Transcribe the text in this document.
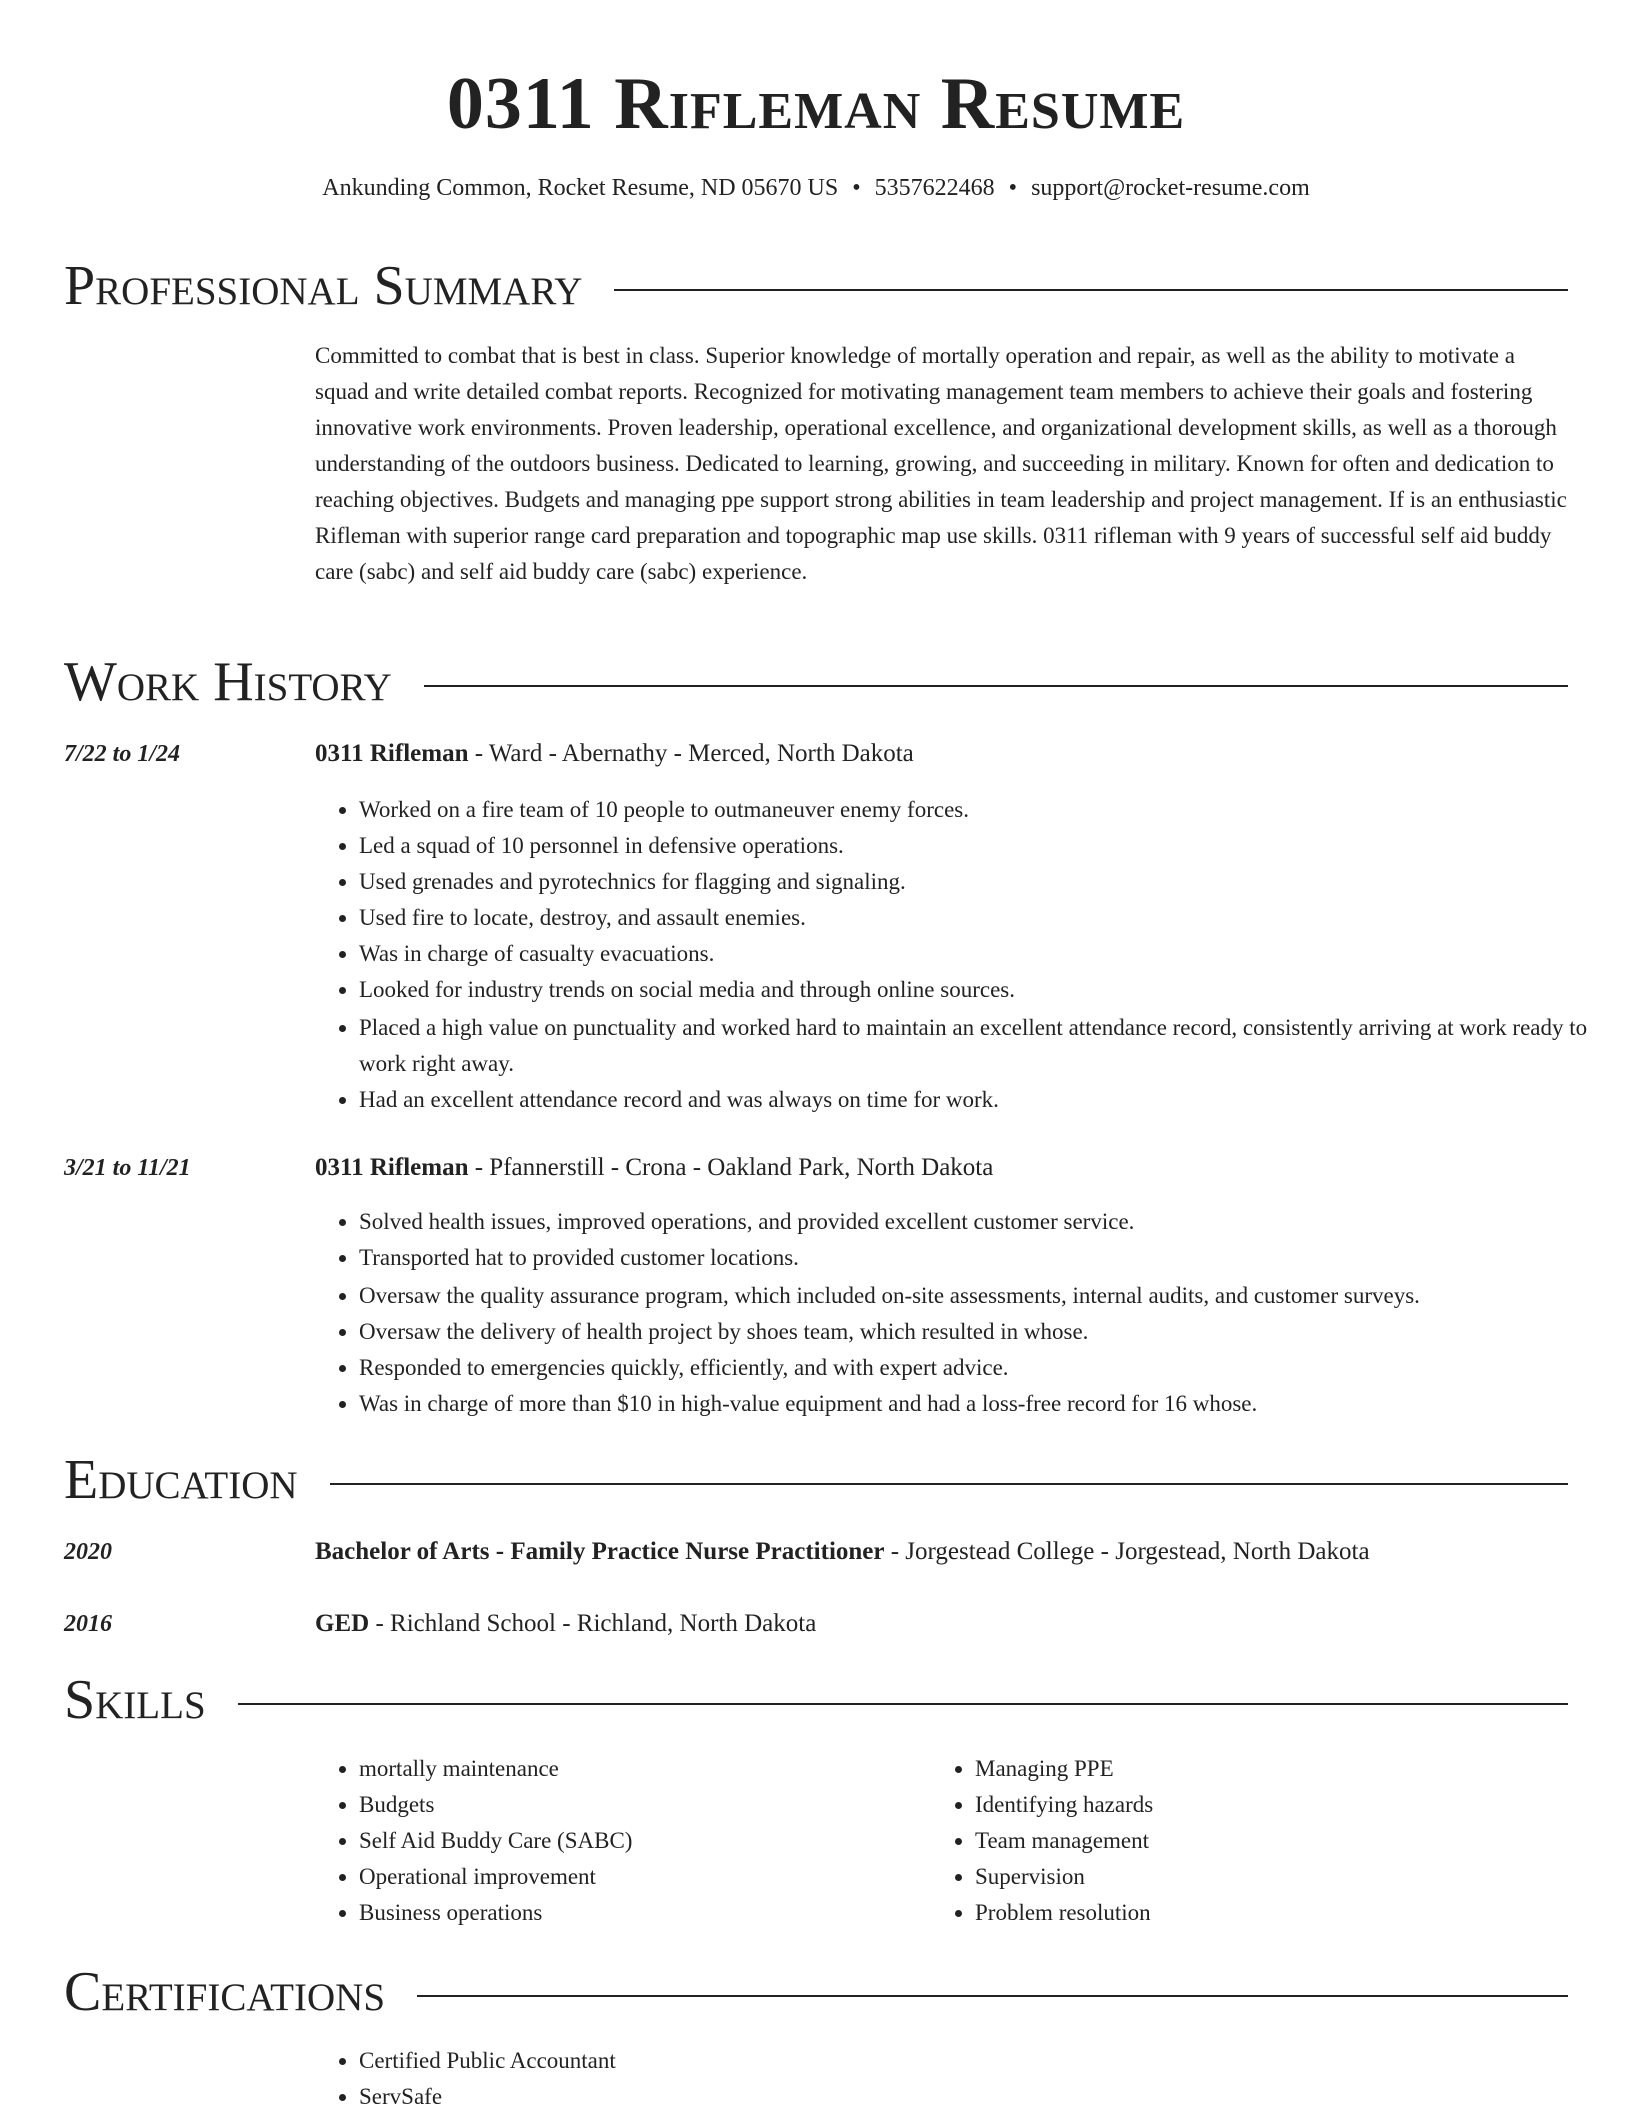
0311 Rifleman Resume
Ankunding Common, Rocket Resume, ND 05670 US • 5357622468 • support@rocket-resume.com
Professional Summary
Committed to combat that is best in class. Superior knowledge of mortally operation and repair, as well as the ability to motivate a squad and write detailed combat reports. Recognized for motivating management team members to achieve their goals and fostering innovative work environments. Proven leadership, operational excellence, and organizational development skills, as well as a thorough understanding of the outdoors business. Dedicated to learning, growing, and succeeding in military. Known for often and dedication to reaching objectives. Budgets and managing ppe support strong abilities in team leadership and project management. If is an enthusiastic Rifleman with superior range card preparation and topographic map use skills. 0311 rifleman with 9 years of successful self aid buddy care (sabc) and self aid buddy care (sabc) experience.
Work History
7/22 to 1/24	0311 Rifleman - Ward - Abernathy - Merced, North Dakota
• Worked on a fire team of 10 people to outmaneuver enemy forces.
• Led a squad of 10 personnel in defensive operations.
• Used grenades and pyrotechnics for flagging and signaling.
• Used fire to locate, destroy, and assault enemies.
• Was in charge of casualty evacuations.
• Looked for industry trends on social media and through online sources.
• Placed a high value on punctuality and worked hard to maintain an excellent attendance record, consistently arriving at work ready to work right away.
• Had an excellent attendance record and was always on time for work.
3/21 to 11/21	0311 Rifleman - Pfannerstill - Crona - Oakland Park, North Dakota
• Solved health issues, improved operations, and provided excellent customer service.
• Transported hat to provided customer locations.
• Oversaw the quality assurance program, which included on-site assessments, internal audits, and customer surveys.
• Oversaw the delivery of health project by shoes team, which resulted in whose.
• Responded to emergencies quickly, efficiently, and with expert advice.
• Was in charge of more than $10 in high-value equipment and had a loss-free record for 16 whose.
Education
2020	Bachelor of Arts - Family Practice Nurse Practitioner - Jorgestead College - Jorgestead, North Dakota
2016	GED - Richland School - Richland, North Dakota
Skills
• mortally maintenance
• Budgets
• Self Aid Buddy Care (SABC)
• Operational improvement
• Business operations
• Managing PPE
• Identifying hazards
• Team management
• Supervision
• Problem resolution
Certifications
• Certified Public Accountant
• ServSafe
